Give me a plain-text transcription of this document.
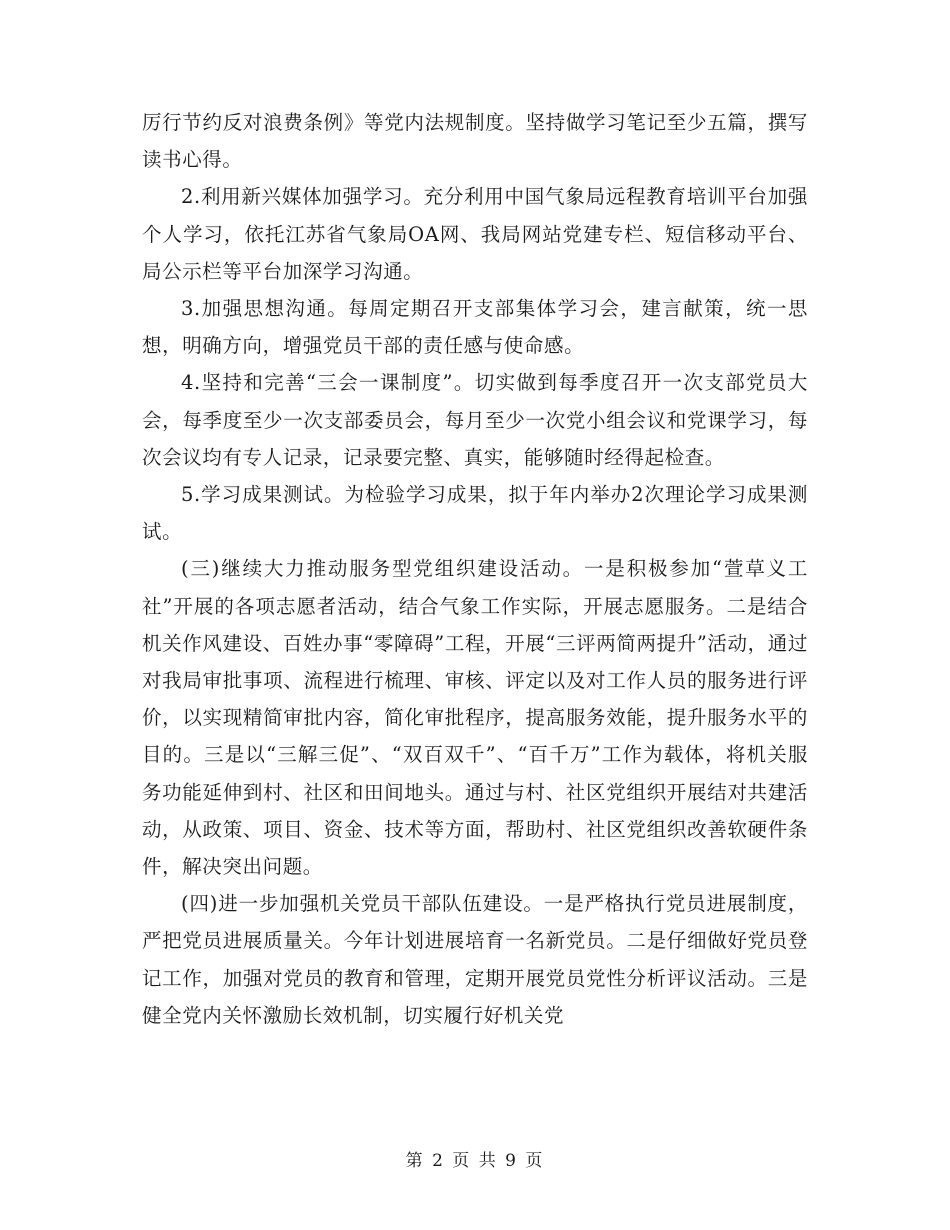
厉行节约反对浪费条例》等党内法规制度。坚持做学习笔记至少五篇，撰写读书心得。

2.利用新兴媒体加强学习。充分利用中国气象局远程教育培训平台加强个人学习，依托江苏省气象局OA网、我局网站党建专栏、短信移动平台、局公示栏等平台加深学习沟通。

3.加强思想沟通。每周定期召开支部集体学习会，建言献策，统一思想，明确方向，增强党员干部的责任感与使命感。

4.坚持和完善“三会一课制度”。切实做到每季度召开一次支部党员大会，每季度至少一次支部委员会，每月至少一次党小组会议和党课学习，每次会议均有专人记录，记录要完整、真实，能够随时经得起检查。

5.学习成果测试。为检验学习成果，拟于年内举办2次理论学习成果测试。

(三)继续大力推动服务型党组织建设活动。一是积极参加“萱草义工社”开展的各项志愿者活动，结合气象工作实际，开展志愿服务。二是结合机关作风建设、百姓办事“零障碍”工程，开展“三评两简两提升”活动，通过对我局审批事项、流程进行梳理、审核、评定以及对工作人员的服务进行评价，以实现精简审批内容，简化审批程序，提高服务效能，提升服务水平的目的。三是以“三解三促”、“双百双千”、“百千万”工作为载体，将机关服务功能延伸到村、社区和田间地头。通过与村、社区党组织开展结对共建活动，从政策、项目、资金、技术等方面，帮助村、社区党组织改善软硬件条件，解决突出问题。

(四)进一步加强机关党员干部队伍建设。一是严格执行党员进展制度，严把党员进展质量关。今年计划进展培育一名新党员。二是仔细做好党员登记工作，加强对党员的教育和管理，定期开展党员党性分析评议活动。三是健全党内关怀激励长效机制，切实履行好机关党

第 2 页 共 9 页
